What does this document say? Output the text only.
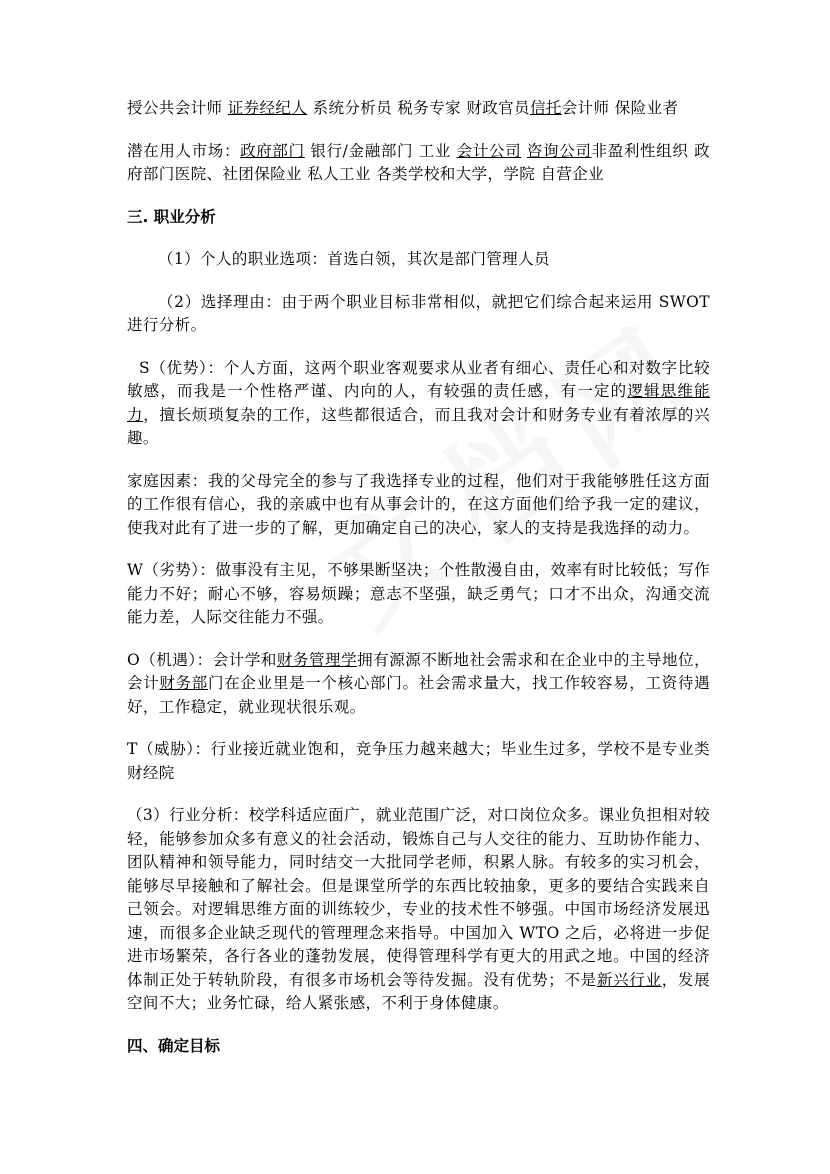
授公共会计师 证券经纪人 系统分析员 税务专家 财政官员信托会计师 保险业者

潜在用人市场：政府部门 银行/金融部门 工业 会计公司 咨询公司非盈利性组织 政府部门医院、社团保险业 私人工业 各类学校和大学，学院 自营企业

三. 职业分析

（1）个人的职业选项：首选白领，其次是部门管理人员

（2）选择理由：由于两个职业目标非常相似，就把它们综合起来运用 SWOT 进行分析。

S（优势）：个人方面，这两个职业客观要求从业者有细心、责任心和对数字比较敏感，而我是一个性格严谨、内向的人，有较强的责任感，有一定的逻辑思维能力，擅长烦琐复杂的工作，这些都很适合，而且我对会计和财务专业有着浓厚的兴趣。

家庭因素：我的父母完全的参与了我选择专业的过程，他们对于我能够胜任这方面的工作很有信心，我的亲戚中也有从事会计的，在这方面他们给予我一定的建议，使我对此有了进一步的了解，更加确定自己的决心，家人的支持是我选择的动力。

W（劣势）：做事没有主见，不够果断坚决；个性散漫自由，效率有时比较低；写作能力不好；耐心不够，容易烦躁；意志不坚强，缺乏勇气；口才不出众，沟通交流能力差，人际交往能力不强。

O（机遇）：会计学和财务管理学拥有源源不断地社会需求和在企业中的主导地位，会计财务部门在企业里是一个核心部门。社会需求量大，找工作较容易，工资待遇好，工作稳定，就业现状很乐观。

T（威胁）：行业接近就业饱和，竞争压力越来越大；毕业生过多，学校不是专业类财经院

（3）行业分析：校学科适应面广，就业范围广泛，对口岗位众多。课业负担相对较轻，能够参加众多有意义的社会活动，锻炼自己与人交往的能力、互助协作能力、团队精神和领导能力，同时结交一大批同学老师，积累人脉。有较多的实习机会，能够尽早接触和了解社会。但是课堂所学的东西比较抽象，更多的要结合实践来自己领会。对逻辑思维方面的训练较少，专业的技术性不够强。中国市场经济发展迅速，而很多企业缺乏现代的管理理念来指导。中国加入 WTO 之后，必将进一步促进市场繁荣，各行各业的蓬勃发展，使得管理科学有更大的用武之地。中国的经济体制正处于转轨阶段，有很多市场机会等待发掘。没有优势；不是新兴行业，发展空间不大；业务忙碌，给人紧张感，不利于身体健康。

四、确定目标
